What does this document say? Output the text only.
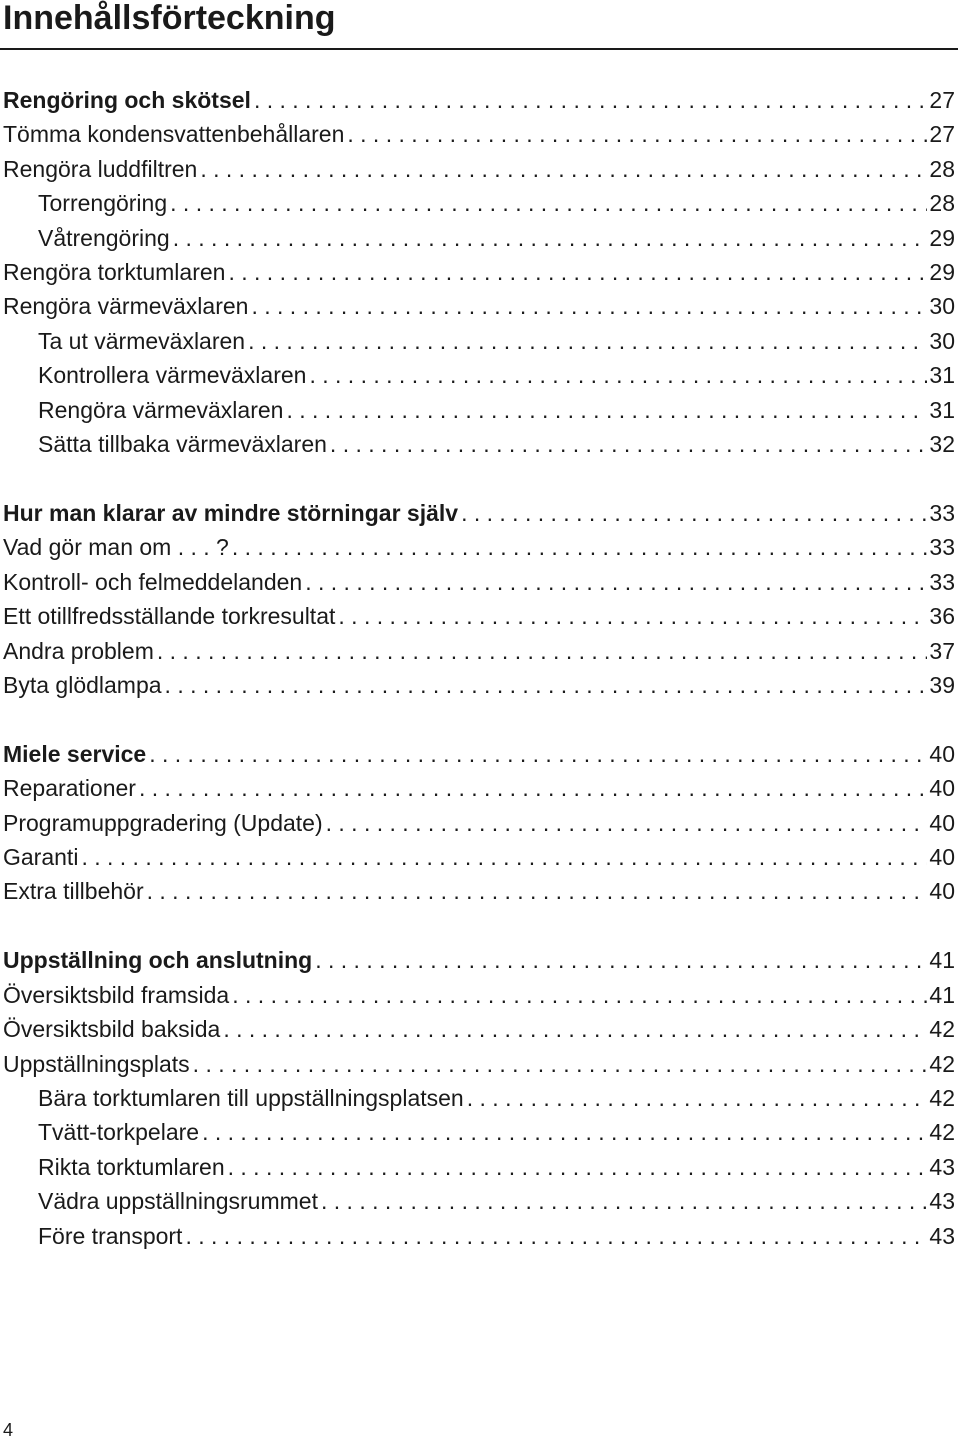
Innehållsförteckning
Rengöring och skötsel . . .	27
Tömma kondensvattenbehållaren . . .	27
Rengöra luddfiltren . . .	28
Torrengöring . . .	28
Våtrengöring . . .	29
Rengöra torktumlaren . . .	29
Rengöra värmeväxlaren . . .	30
Ta ut värmeväxlaren . . .	30
Kontrollera värmeväxlaren . . .	31
Rengöra värmeväxlaren . . .	31
Sätta tillbaka värmeväxlaren . . .	32
Hur man klarar av mindre störningar själv . . .	33
Vad gör man om . . . ? . . .	33
Kontroll- och felmeddelanden . . .	33
Ett otillfredsställande torkresultat . . .	36
Andra problem . . .	37
Byta glödlampa . . .	39
Miele service . . .	40
Reparationer . . .	40
Programuppgradering (Update) . . .	40
Garanti . . .	40
Extra tillbehör . . .	40
Uppställning och anslutning . . .	41
Översiktsbild framsida . . .	41
Översiktsbild baksida . . .	42
Uppställningsplats . . .	42
Bära torktumlaren till uppställningsplatsen . . .	42
Tvätt-torkpelare . . .	42
Rikta torktumlaren . . .	43
Vädra uppställningsrummet . . .	43
Före transport . . .	43
4
